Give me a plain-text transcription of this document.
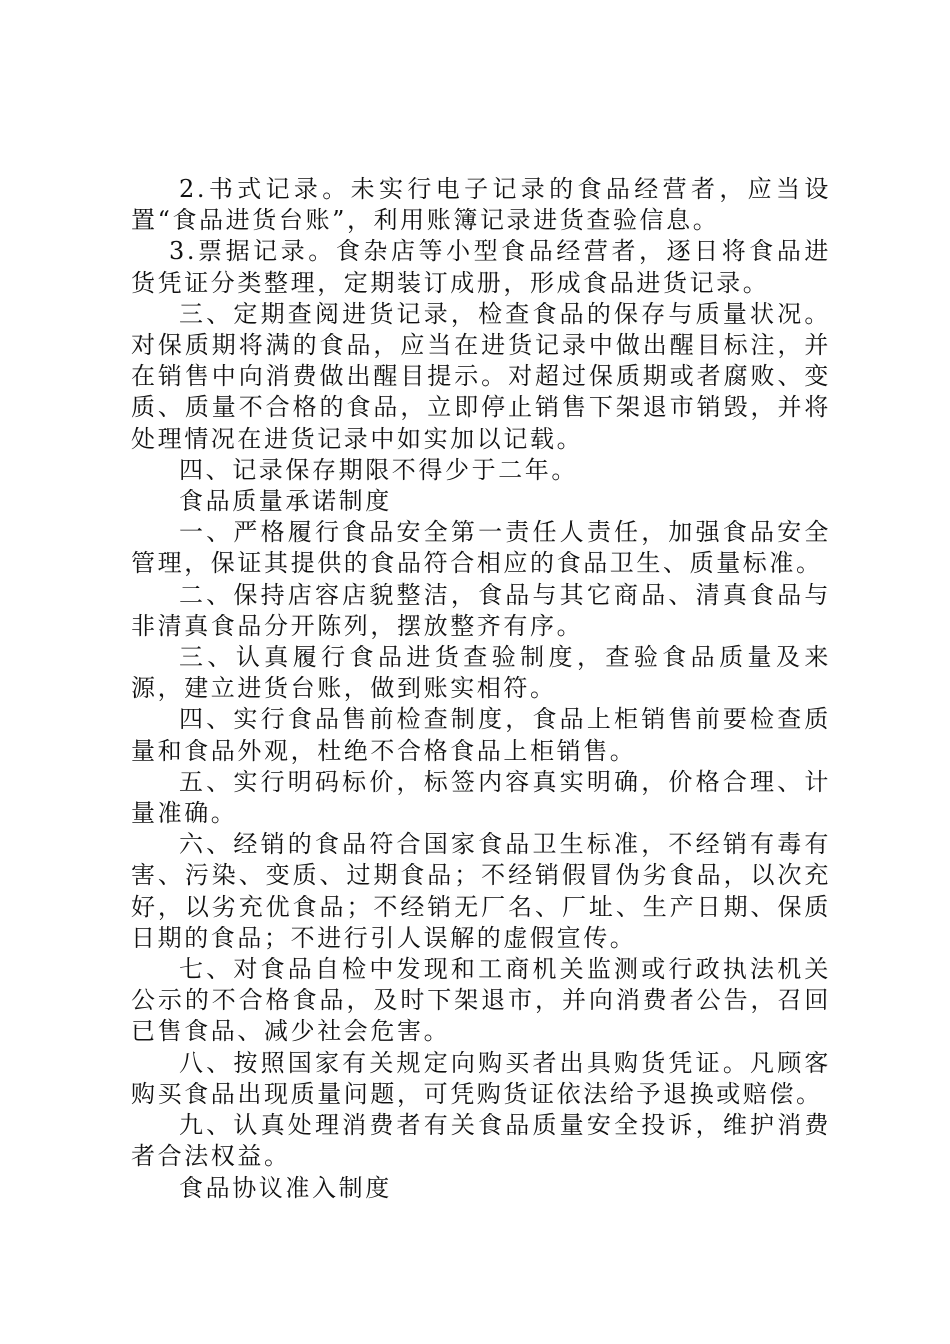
2.书式记录。未实行电子记录的食品经营者，应当设置“食品进货台账”，利用账簿记录进货查验信息。

3.票据记录。食杂店等小型食品经营者，逐日将食品进货凭证分类整理，定期装订成册，形成食品进货记录。

三、定期查阅进货记录，检查食品的保存与质量状况。对保质期将满的食品，应当在进货记录中做出醒目标注，并在销售中向消费做出醒目提示。对超过保质期或者腐败、变质、质量不合格的食品，立即停止销售下架退市销毁，并将处理情况在进货记录中如实加以记载。

四、记录保存期限不得少于二年。

食品质量承诺制度

一、严格履行食品安全第一责任人责任，加强食品安全管理，保证其提供的食品符合相应的食品卫生、质量标准。

二、保持店容店貌整洁，食品与其它商品、清真食品与非清真食品分开陈列，摆放整齐有序。

三、认真履行食品进货查验制度，查验食品质量及来源，建立进货台账，做到账实相符。

四、实行食品售前检查制度，食品上柜销售前要检查质量和食品外观，杜绝不合格食品上柜销售。

五、实行明码标价，标签内容真实明确，价格合理、计量准确。

六、经销的食品符合国家食品卫生标准，不经销有毒有害、污染、变质、过期食品；不经销假冒伪劣食品，以次充好，以劣充优食品；不经销无厂名、厂址、生产日期、保质日期的食品；不进行引人误解的虚假宣传。

七、对食品自检中发现和工商机关监测或行政执法机关公示的不合格食品，及时下架退市，并向消费者公告，召回已售食品、减少社会危害。

八、按照国家有关规定向购买者出具购货凭证。凡顾客购买食品出现质量问题，可凭购货证依法给予退换或赔偿。

九、认真处理消费者有关食品质量安全投诉，维护消费者合法权益。

食品协议准入制度
